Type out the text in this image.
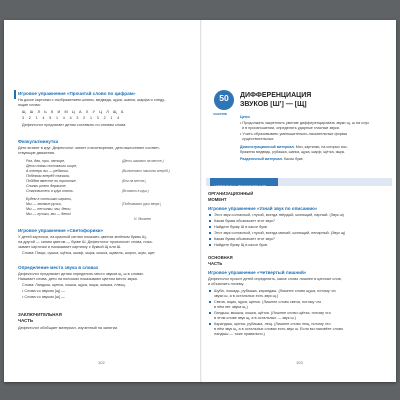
Игровое упражнение «Прочитай слово по цифрам»

На доске картинки с изображением шляпы, медведя, щуки, шапки, шарфа и следу-

ющие слова:

Щ Ш Л Ь К И М Ц А Х У Ц Л Щ А

3 2 1 4 5 1 4 4 3 2 1 3 2 1 4

Дефектолог предлагает детям составить по схемам слова.

Физкультминутка

Дети встают в круг. Дефектолог читает стихотворение, дети выполняют соответ-

ствующие движения.

Раз, два, три, четыре,	(Дети шагают на месте.)

Дети ножки поставили шире,

А теперь вы — ребятки,	(Выполняют наклоны вперёд.)

Побежим вперёд сначала,

Пойдем вместе по тропинке,	(Бег на месте.)

Спинки ровно держите,

Становитесь в круг опять.	(Встают в круг.)

Будем в солнышко играть,

Мы — звонкие ручьи,	(Поднимают руки вверх.)

Мы — песчинки, мы, дети,

Мы — лучики, мы — дети!

Н. Яковлев

Игровое упражнение «Светофорики»

У детей карточки, на красный сигнал показать цветом зелёным буквы Щ,

на другой — синим цветом — букве Ш. Дефектолог произносит слова, пока-

зывает карточки и показывает картинку с буквой Щ или Ш.

Слова: Пищи, сушка, щётка, шкаф, ящик, кошка, щавель, шорох, шум, щит.

Определение места звука в словах

Дефектолог предлагает детям определить место звуков щ, ш в словах.

Называет слова, дети на полосках показывают цветом место звука.

Слова: Ландыш, щенок, кошка, щука, ящик, шишка, плющ.

• Слова со звуком [щ] —

• Слова со звуком [ш] —

ЗАКЛЮЧИТЕЛЬНАЯ

ЧАСТЬ

Дефектолог обобщает материал, изученный на занятии.

102

50

ЗАНЯТИЕ

ДИФФЕРЕНЦИАЦИЯ

ЗВУКОВ [Ш’] — [Щ]

Цели

• Продолжать закреплять умение дифференцировать звуки щ, ш на слух

и в произношении, определять ударные гласные звуки.

• Учить образовывать уменьшительно-ласкательные формы

существительных.

Демонстрационный материал. Мяч, картинки, на которых изо-

бражены медведь, рубашка, шапка, щука, шарф, щётка, ящик.

Раздаточный материал. Кассы букв.

МЕТОДИКА ПРОВЕДЕНИЯ

ОРГАНИЗАЦИОННЫЙ

МОМЕНТ

Игровое упражнение «Узнай звук по описанию»

Этот звук согласный, глухой, всегда твёрдый, шипящий, парный. (Звук ш)

Какая буква обозначает этот звук?

Найдите букву Ш в кассе букв.

Этот звук согласный, глухой, всегда мягкий, шипящий, непарный. (Звук щ)

Какая буква обозначает этот звук?

Найдите букву Щ в кассе букв.

ОСНОВНАЯ

ЧАСТЬ

Игровое упражнение «Четвертый лишний»

Дефектолог просит детей определить, какое слово лишнее в цепочке слов,

и объяснить почему.

Шуба, лошадь, рубашка, карандаш. (Лишнее слово щука, потому что

звуки ш, а в остальных есть звук щ.)

Свеча, ящик, щука, щенок. (Лишнее слово свеча, потому что

в нём нет звука щ.)

Ландыш, мышка, кошка, щётка. (Лишнее слово щётка, потому что

в этом слове звук щ, а в остальных — звук ш.)

Карандаш, щенок, рубашка, лещ. (Лишнее слово лещ, потому что

в нём звук щ, а в остальных словах есть звук ш. Если вы назовёте слово

ландыш — тоже правильно.)

103
